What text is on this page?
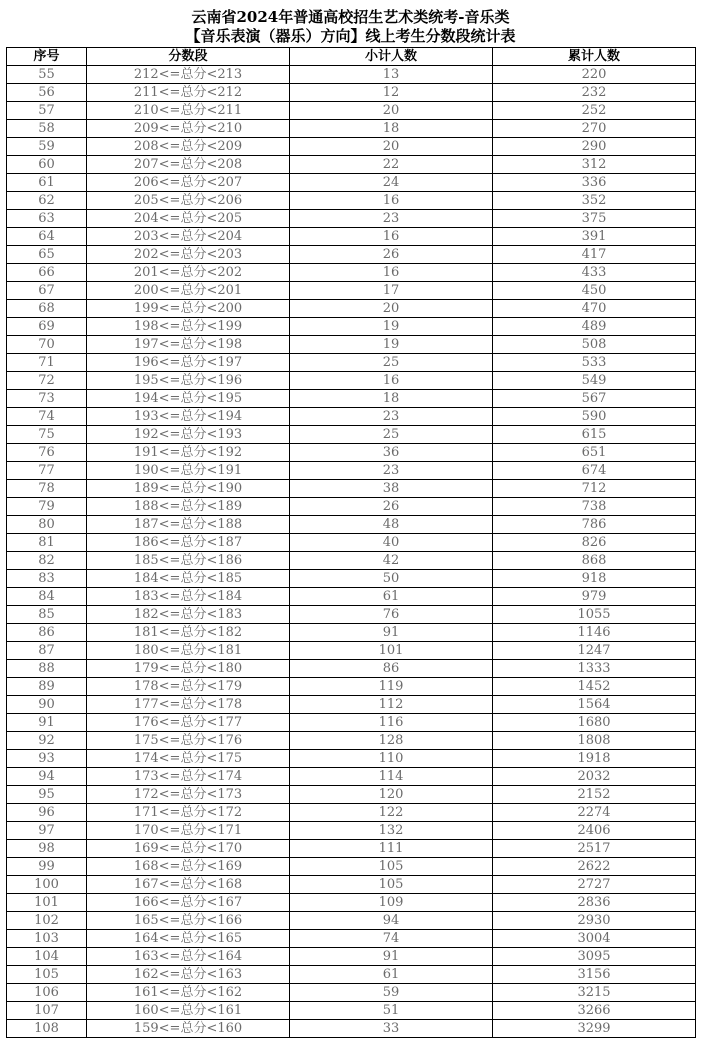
云南省2024年普通高校招生艺术类统考-音乐类
【音乐表演（器乐）方向】线上考生分数段统计表
序号	分数段	小计人数	累计人数
55	212<=总分<213	13	220
56	211<=总分<212	12	232
57	210<=总分<211	20	252
58	209<=总分<210	18	270
59	208<=总分<209	20	290
60	207<=总分<208	22	312
61	206<=总分<207	24	336
62	205<=总分<206	16	352
63	204<=总分<205	23	375
64	203<=总分<204	16	391
65	202<=总分<203	26	417
66	201<=总分<202	16	433
67	200<=总分<201	17	450
68	199<=总分<200	20	470
69	198<=总分<199	19	489
70	197<=总分<198	19	508
71	196<=总分<197	25	533
72	195<=总分<196	16	549
73	194<=总分<195	18	567
74	193<=总分<194	23	590
75	192<=总分<193	25	615
76	191<=总分<192	36	651
77	190<=总分<191	23	674
78	189<=总分<190	38	712
79	188<=总分<189	26	738
80	187<=总分<188	48	786
81	186<=总分<187	40	826
82	185<=总分<186	42	868
83	184<=总分<185	50	918
84	183<=总分<184	61	979
85	182<=总分<183	76	1055
86	181<=总分<182	91	1146
87	180<=总分<181	101	1247
88	179<=总分<180	86	1333
89	178<=总分<179	119	1452
90	177<=总分<178	112	1564
91	176<=总分<177	116	1680
92	175<=总分<176	128	1808
93	174<=总分<175	110	1918
94	173<=总分<174	114	2032
95	172<=总分<173	120	2152
96	171<=总分<172	122	2274
97	170<=总分<171	132	2406
98	169<=总分<170	111	2517
99	168<=总分<169	105	2622
100	167<=总分<168	105	2727
101	166<=总分<167	109	2836
102	165<=总分<166	94	2930
103	164<=总分<165	74	3004
104	163<=总分<164	91	3095
105	162<=总分<163	61	3156
106	161<=总分<162	59	3215
107	160<=总分<161	51	3266
108	159<=总分<160	33	3299
